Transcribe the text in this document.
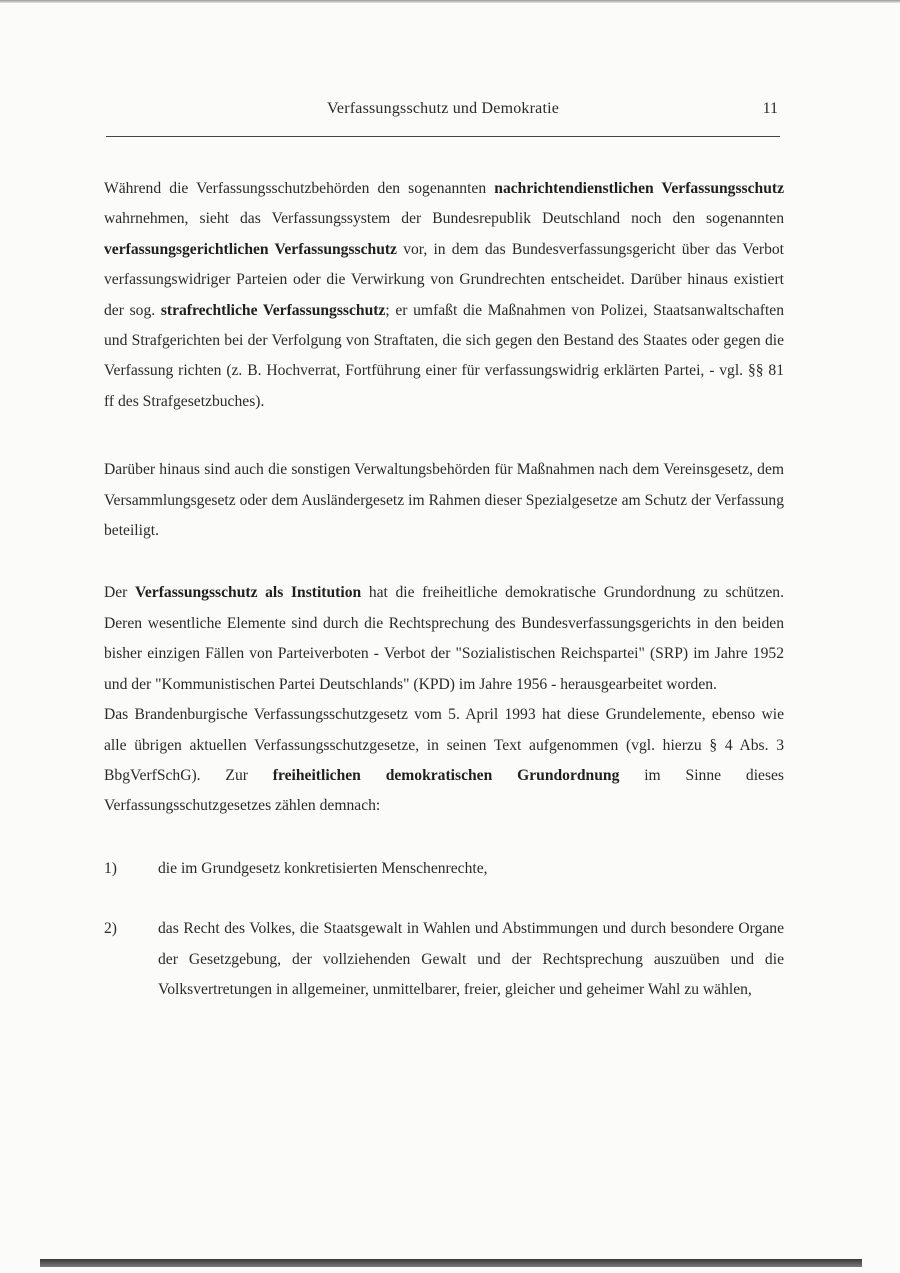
Verfassungsschutz und Demokratie	11

Während die Verfassungsschutzbehörden den sogenannten nachrichtendienstlichen Verfassungsschutz wahrnehmen, sieht das Verfassungssystem der Bundesrepublik Deutschland noch den sogenannten verfassungsgerichtlichen Verfassungsschutz vor, in dem das Bundesverfassungsgericht über das Verbot verfassungswidriger Parteien oder die Verwirkung von Grundrechten entscheidet. Darüber hinaus existiert der sog. strafrechtliche Verfassungsschutz; er umfaßt die Maßnahmen von Polizei, Staatsanwaltschaften und Strafgerichten bei der Verfolgung von Straftaten, die sich gegen den Bestand des Staates oder gegen die Verfassung richten (z. B. Hochverrat, Fortführung einer für verfassungswidrig erklärten Partei, - vgl. §§ 81 ff des Strafgesetzbuches).

Darüber hinaus sind auch die sonstigen Verwaltungsbehörden für Maßnahmen nach dem Vereinsgesetz, dem Versammlungsgesetz oder dem Ausländergesetz im Rahmen dieser Spezialgesetze am Schutz der Verfassung beteiligt.

Der Verfassungsschutz als Institution hat die freiheitliche demokratische Grundordnung zu schützen. Deren wesentliche Elemente sind durch die Rechtsprechung des Bundesverfassungsgerichts in den beiden bisher einzigen Fällen von Parteiverboten - Verbot der "Sozialistischen Reichspartei" (SRP) im Jahre 1952 und der "Kommunistischen Partei Deutschlands" (KPD) im Jahre 1956 - herausgearbeitet worden.

Das Brandenburgische Verfassungsschutzgesetz vom 5. April 1993 hat diese Grundelemente, ebenso wie alle übrigen aktuellen Verfassungsschutzgesetze, in seinen Text aufgenommen (vgl. hierzu § 4 Abs. 3 BbgVerfSchG). Zur freiheitlichen demokratischen Grundordnung im Sinne dieses Verfassungsschutzgesetzes zählen demnach:

1)	die im Grundgesetz konkretisierten Menschenrechte,
2)	das Recht des Volkes, die Staatsgewalt in Wahlen und Abstimmungen und durch besondere Organe der Gesetzgebung, der vollziehenden Gewalt und der Rechtsprechung auszuüben und die Volksvertretungen in allgemeiner, unmittelbarer, freier, gleicher und geheimer Wahl zu wählen,
